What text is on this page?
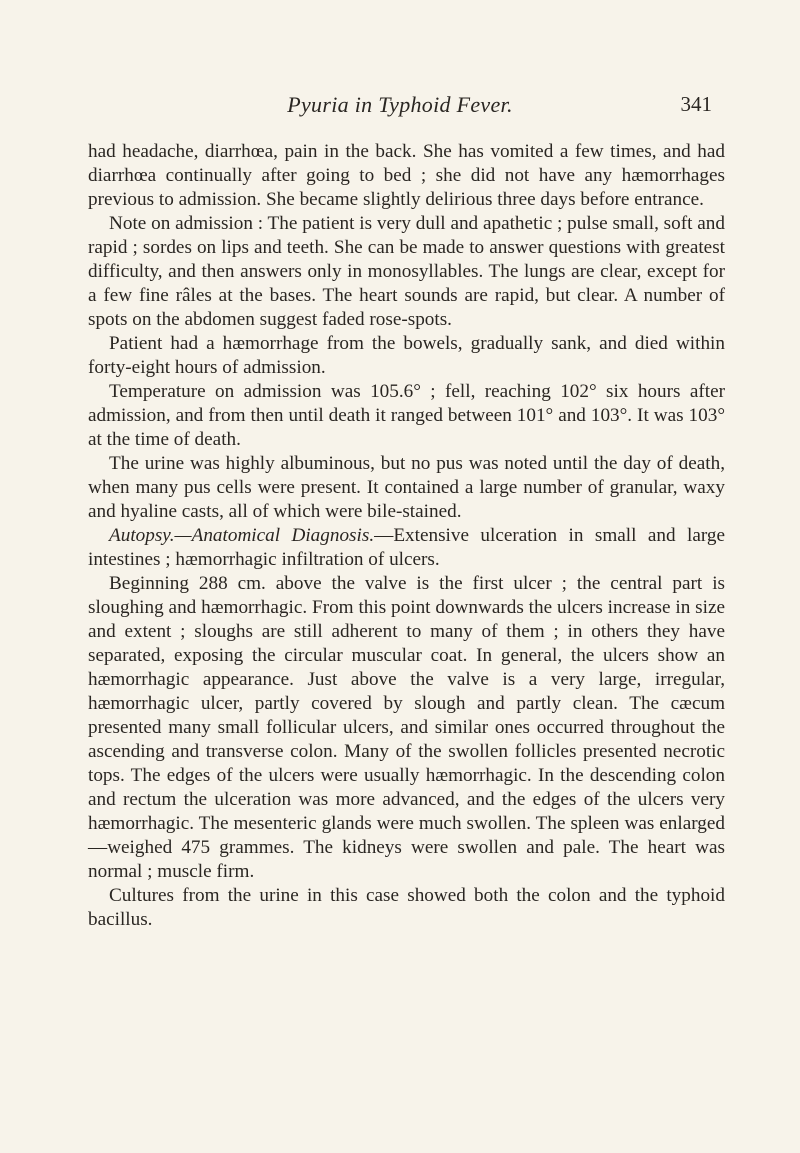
Pyuria in Typhoid Fever.	341

had headache, diarrhœa, pain in the back. She has vomited a few times, and had diarrhœa continually after going to bed ; she did not have any hæmorrhages previous to admission. She became slightly delirious three days before entrance.

Note on admission : The patient is very dull and apathetic ; pulse small, soft and rapid ; sordes on lips and teeth. She can be made to answer questions with greatest difficulty, and then answers only in monosyllables. The lungs are clear, except for a few fine râles at the bases. The heart sounds are rapid, but clear. A number of spots on the abdomen suggest faded rose-spots.

Patient had a hæmorrhage from the bowels, gradually sank, and died within forty-eight hours of admission.

Temperature on admission was 105.6° ; fell, reaching 102° six hours after admission, and from then until death it ranged between 101° and 103°. It was 103° at the time of death.

The urine was highly albuminous, but no pus was noted until the day of death, when many pus cells were present. It contained a large number of granular, waxy and hyaline casts, all of which were bile-stained.

Autopsy.—Anatomical Diagnosis.—Extensive ulceration in small and large intestines ; hæmorrhagic infiltration of ulcers.

Beginning 288 cm. above the valve is the first ulcer ; the central part is sloughing and hæmorrhagic. From this point downwards the ulcers increase in size and extent ; sloughs are still adherent to many of them ; in others they have separated, exposing the circular muscular coat. In general, the ulcers show an hæmorrhagic appearance. Just above the valve is a very large, irregular, hæmorrhagic ulcer, partly covered by slough and partly clean. The cæcum presented many small follicular ulcers, and similar ones occurred throughout the ascending and transverse colon. Many of the swollen follicles presented necrotic tops. The edges of the ulcers were usually hæmorrhagic. In the descending colon and rectum the ulceration was more advanced, and the edges of the ulcers very hæmorrhagic. The mesenteric glands were much swollen. The spleen was enlarged —weighed 475 grammes. The kidneys were swollen and pale. The heart was normal ; muscle firm.

Cultures from the urine in this case showed both the colon and the typhoid bacillus.
